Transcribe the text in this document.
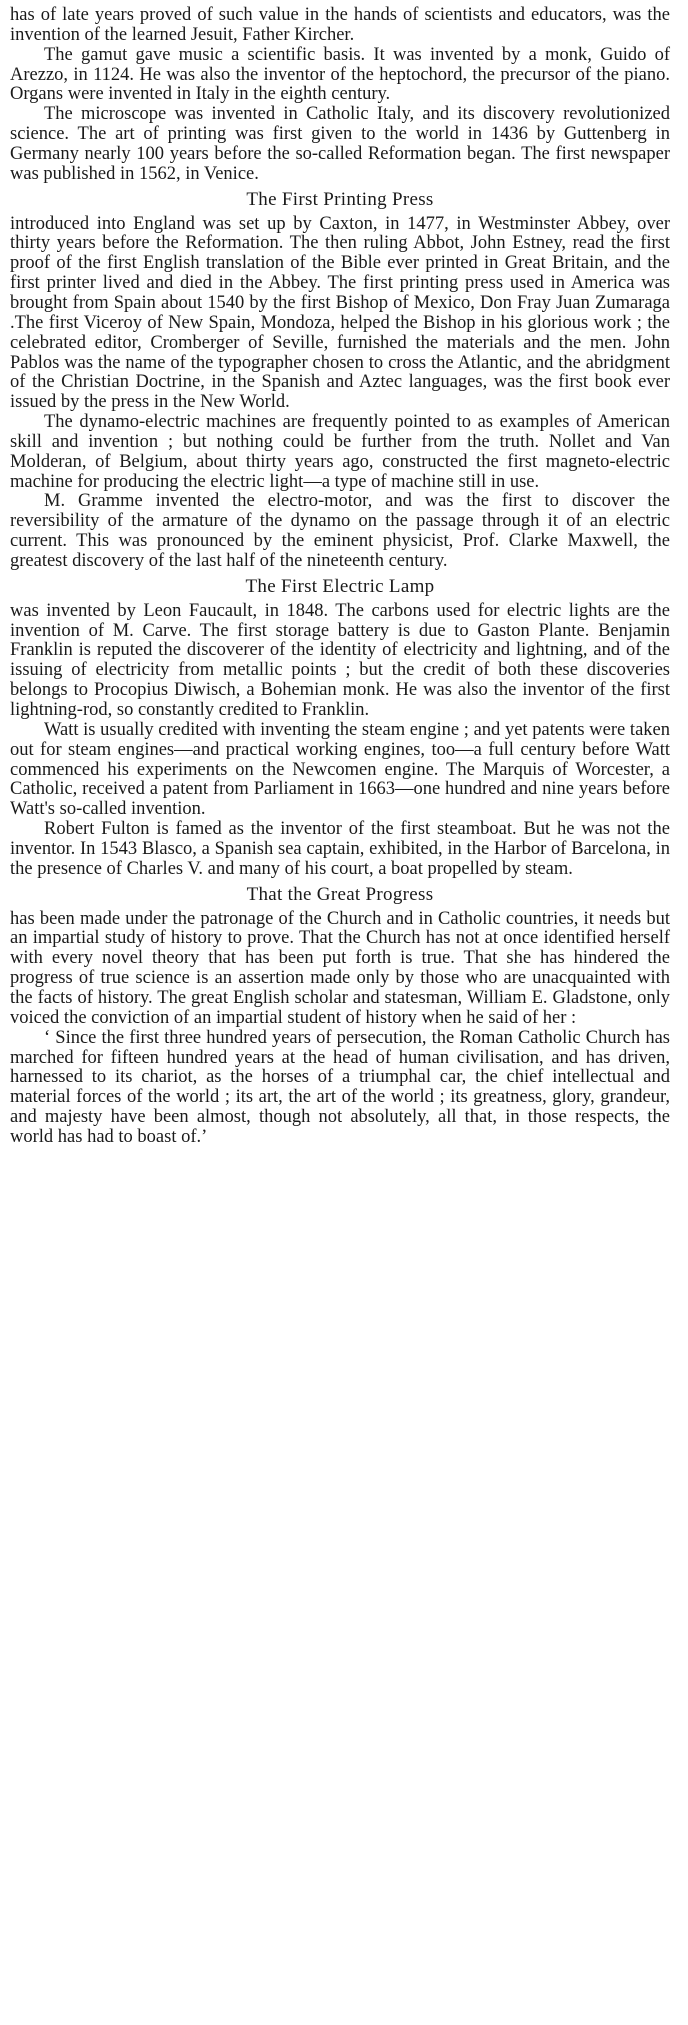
has of late years proved of such value in the hands of scientists and educators, was the invention of the learned Jesuit, Father Kircher.

The gamut gave music a scientific basis. It was invented by a monk, Guido of Arezzo, in 1124. He was also the inventor of the heptochord, the precursor of the piano. Organs were invented in Italy in the eighth century.

The microscope was invented in Catholic Italy, and its discovery revolutionized science. The art of printing was first given to the world in 1436 by Guttenberg in Germany nearly 100 years before the so-called Reformation began. The first newspaper was published in 1562, in Venice.

The First Printing Press

introduced into England was set up by Caxton, in 1477, in Westminster Abbey, over thirty years before the Reformation. The then ruling Abbot, John Estney, read the first proof of the first English translation of the Bible ever printed in Great Britain, and the first printer lived and died in the Abbey. The first printing press used in America was brought from Spain about 1540 by the first Bishop of Mexico, Don Fray Juan Zumaraga .The first Viceroy of New Spain, Mondoza, helped the Bishop in his glorious work ; the celebrated editor, Cromberger of Seville, furnished the materials and the men. John Pablos was the name of the typographer chosen to cross the Atlantic, and the abridgment of the Christian Doctrine, in the Spanish and Aztec languages, was the first book ever issued by the press in the New World.

The dynamo-electric machines are frequently pointed to as examples of American skill and invention ; but nothing could be further from the truth. Nollet and Van Molderan, of Belgium, about thirty years ago, constructed the first magneto-electric machine for producing the electric light—a type of machine still in use.

M. Gramme invented the electro-motor, and was the first to discover the reversibility of the armature of the dynamo on the passage through it of an electric current. This was pronounced by the eminent physicist, Prof. Clarke Maxwell, the greatest discovery of the last half of the nineteenth century.

The First Electric Lamp

was invented by Leon Faucault, in 1848. The carbons used for electric lights are the invention of M. Carve. The first storage battery is due to Gaston Plante. Benjamin Franklin is reputed the discoverer of the identity of electricity and lightning, and of the issuing of electricity from metallic points ; but the credit of both these discoveries belongs to Procopius Diwisch, a Bohemian monk. He was also the inventor of the first lightning-rod, so constantly credited to Franklin.

Watt is usually credited with inventing the steam engine ; and yet patents were taken out for steam engines—and practical working engines, too—a full century before Watt commenced his experiments on the Newcomen engine. The Marquis of Worcester, a Catholic, received a patent from Parliament in 1663—one hundred and nine years before Watt's so-called invention.

Robert Fulton is famed as the inventor of the first steamboat. But he was not the inventor. In 1543 Blasco, a Spanish sea captain, exhibited, in the Harbor of Barcelona, in the presence of Charles V. and many of his court, a boat propelled by steam.

That the Great Progress

has been made under the patronage of the Church and in Catholic countries, it needs but an impartial study of history to prove. That the Church has not at once identified herself with every novel theory that has been put forth is true. That she has hindered the progress of true science is an assertion made only by those who are unacquainted with the facts of history. The great English scholar and statesman, William E. Gladstone, only voiced the conviction of an impartial student of history when he said of her :

‘ Since the first three hundred years of persecution, the Roman Catholic Church has marched for fifteen hundred years at the head of human civilisation, and has driven, harnessed to its chariot, as the horses of a triumphal car, the chief intellectual and material forces of the world ; its art, the art of the world ; its greatness, glory, grandeur, and majesty have been almost, though not absolutely, all that, in those respects, the world has had to boast of.’
